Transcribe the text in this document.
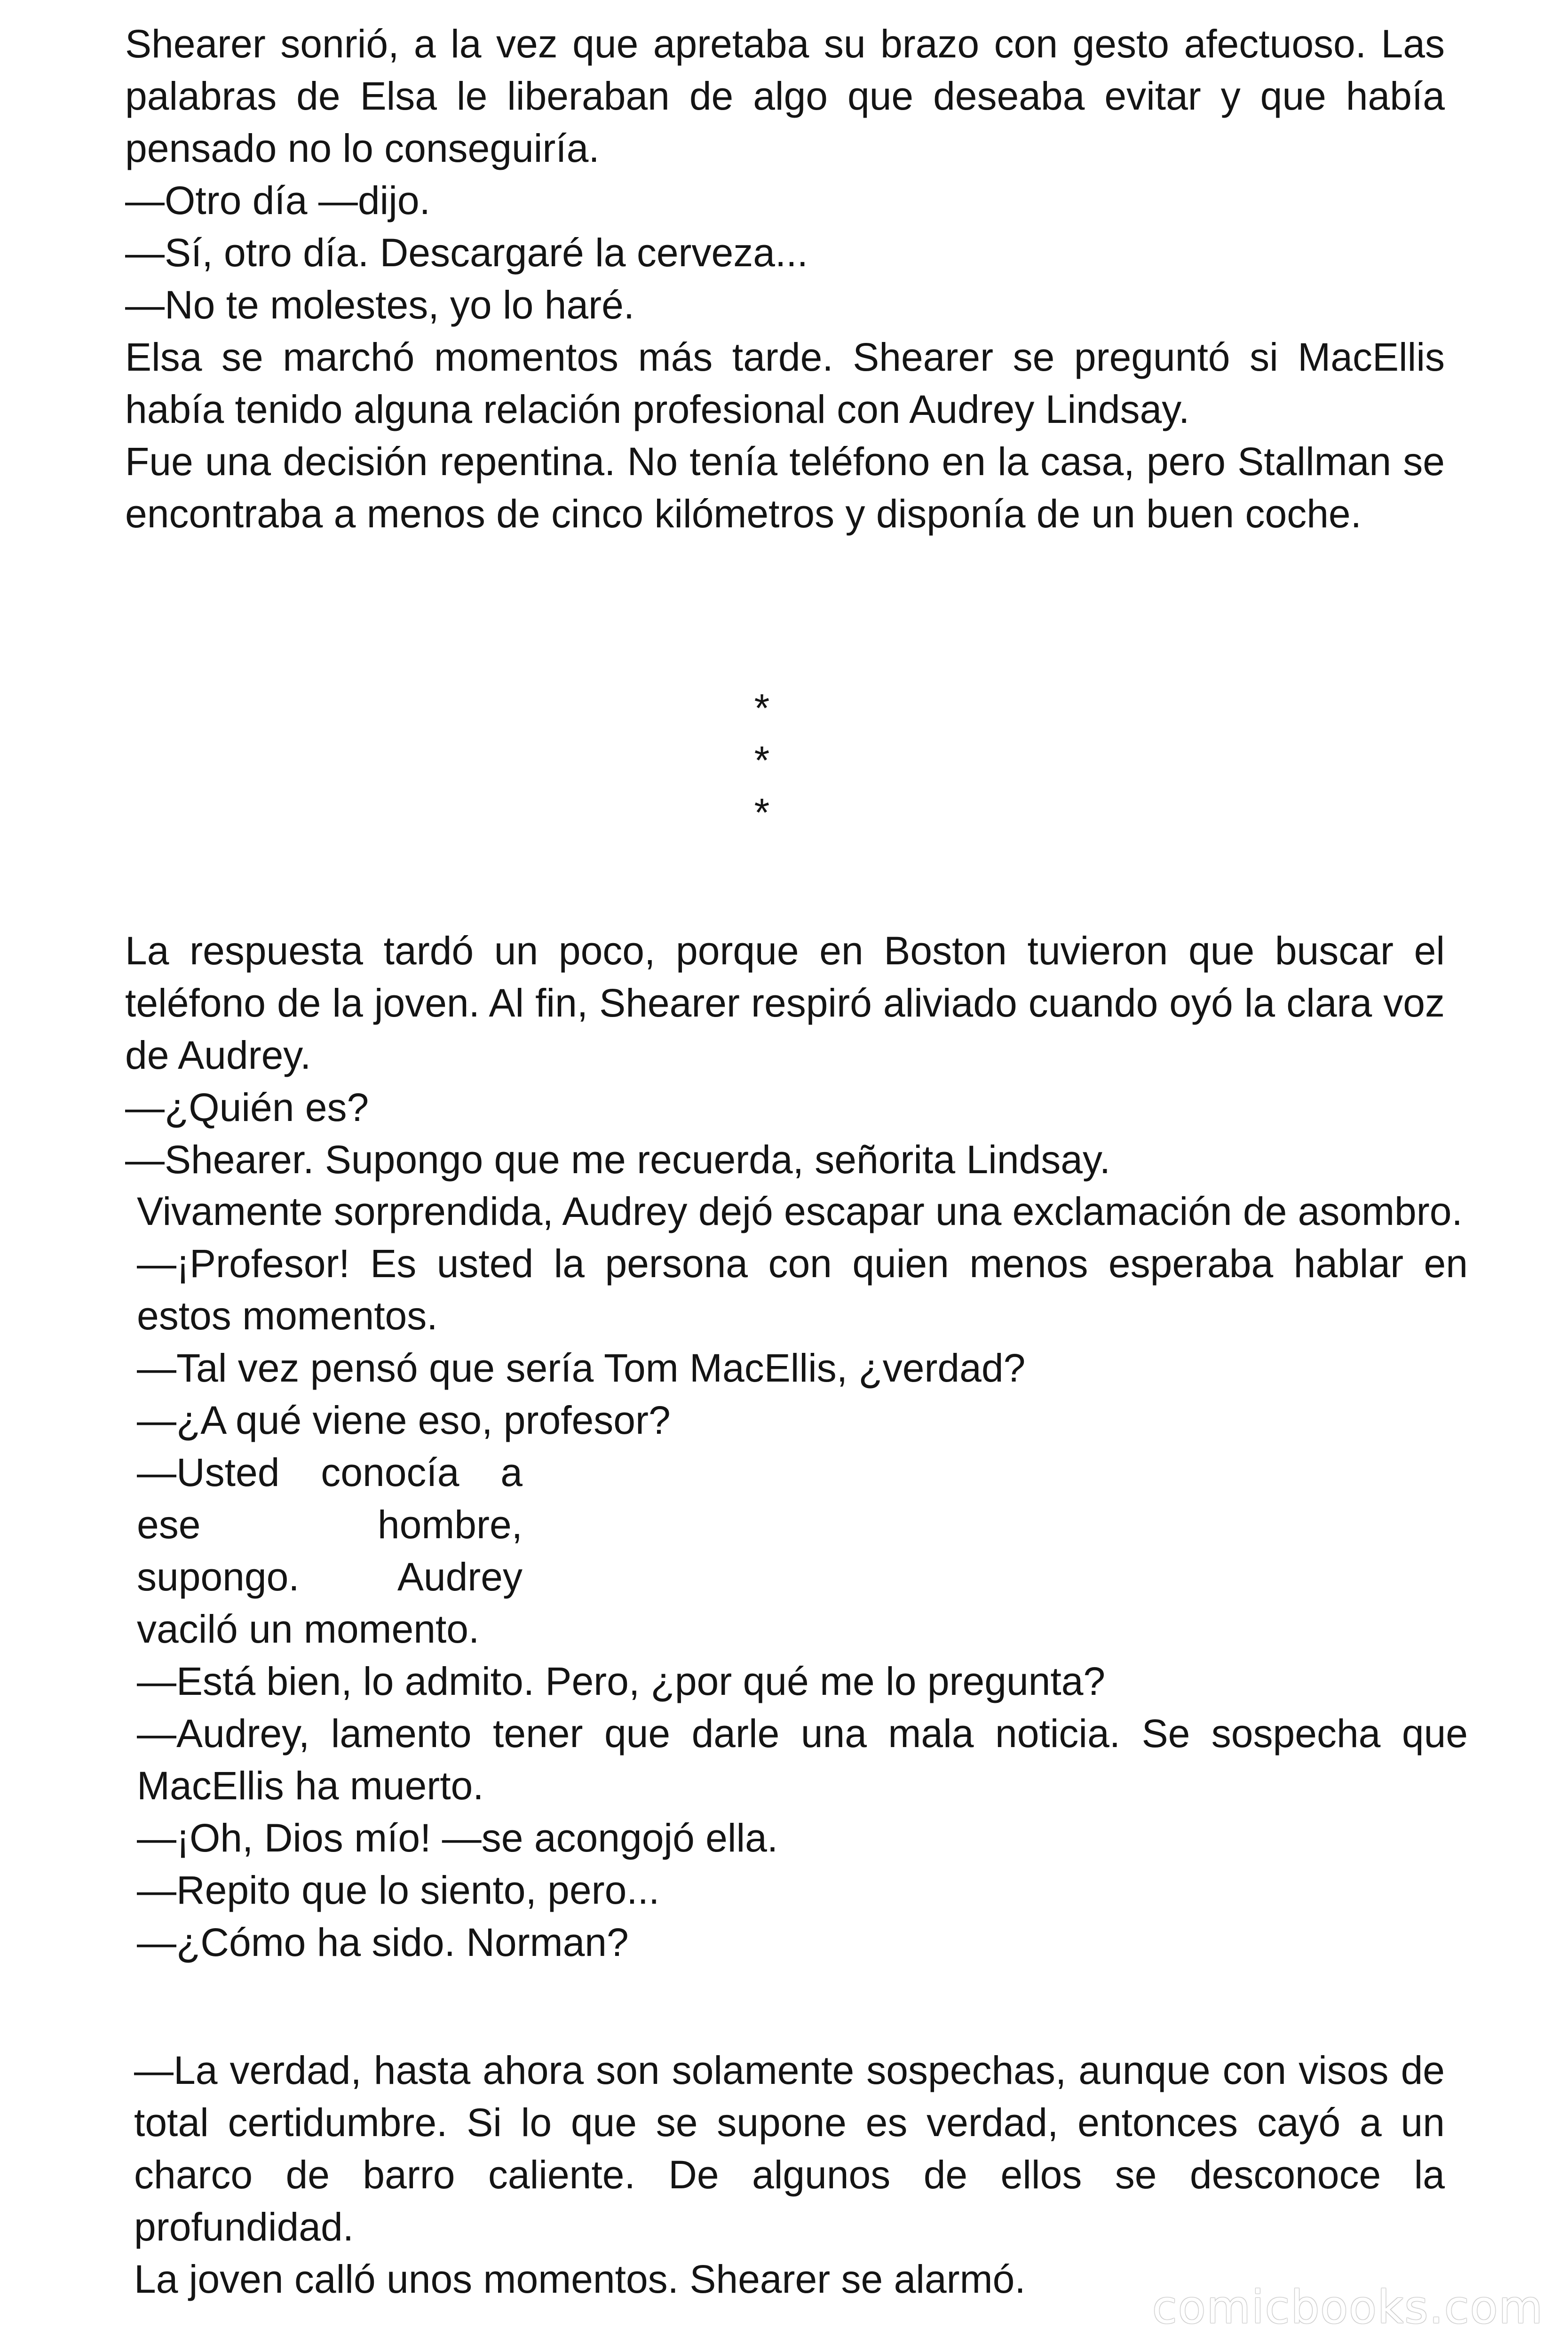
Shearer sonrió, a la vez que apretaba su brazo con gesto afectuoso. Las palabras de Elsa le liberaban de algo que deseaba evitar y que había pensado no lo conseguiría.

—Otro día —dijo.

—Sí, otro día. Descargaré la cerveza...

—No te molestes, yo lo haré.

Elsa se marchó momentos más tarde. Shearer se preguntó si MacEllis había tenido alguna relación profesional con Audrey Lindsay.

Fue una decisión repentina. No tenía teléfono en la casa, pero Stallman se encontraba a menos de cinco kilómetros y disponía de un buen coche.

*
*
*

La respuesta tardó un poco, porque en Boston tuvieron que buscar el teléfono de la joven. Al fin, Shearer respiró aliviado cuando oyó la clara voz de Audrey.

—¿Quién es?

—Shearer. Supongo que me recuerda, señorita Lindsay.

Vivamente sorprendida, Audrey dejó escapar una exclamación de asombro.

—¡Profesor! Es usted la persona con quien menos esperaba hablar en estos momentos.

—Tal vez pensó que sería Tom MacEllis, ¿verdad?

—¿A qué viene eso, profesor?

—Usted conocía a

ese hombre,

supongo. Audrey

vaciló un momento.

—Está bien, lo admito. Pero, ¿por qué me lo pregunta?

—Audrey, lamento tener que darle una mala noticia. Se sospecha que MacEllis ha muerto.

—¡Oh, Dios mío! —se acongojó ella.

—Repito que lo siento, pero...

—¿Cómo ha sido. Norman?

—La verdad, hasta ahora son solamente sospechas, aunque con visos de total certidumbre. Si lo que se supone es verdad, entonces cayó a un charco de barro caliente. De algunos de ellos se desconoce la profundidad.

La joven calló unos momentos. Shearer se alarmó.

comicbooks.com
